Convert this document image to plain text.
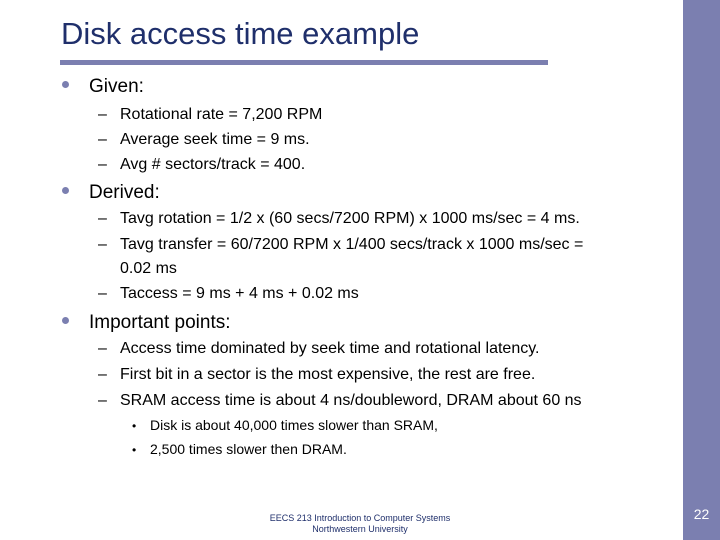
Disk access time example
Given:
– Rotational rate = 7,200 RPM
– Average seek time = 9 ms.
– Avg # sectors/track = 400.
Derived:
– Tavg rotation = 1/2 x (60 secs/7200 RPM) x 1000 ms/sec = 4 ms.
– Tavg transfer = 60/7200 RPM x 1/400 secs/track x 1000 ms/sec =
0.02 ms
– Taccess = 9 ms + 4 ms + 0.02 ms
Important points:
– Access time dominated by seek time and rotational latency.
– First bit in a sector is the most expensive, the rest are free.
– SRAM access time is about 4 ns/doubleword, DRAM about 60 ns
• Disk is about 40,000 times slower than SRAM,
• 2,500 times slower then DRAM.
EECS 213 Introduction to Computer Systems
Northwestern University
22
